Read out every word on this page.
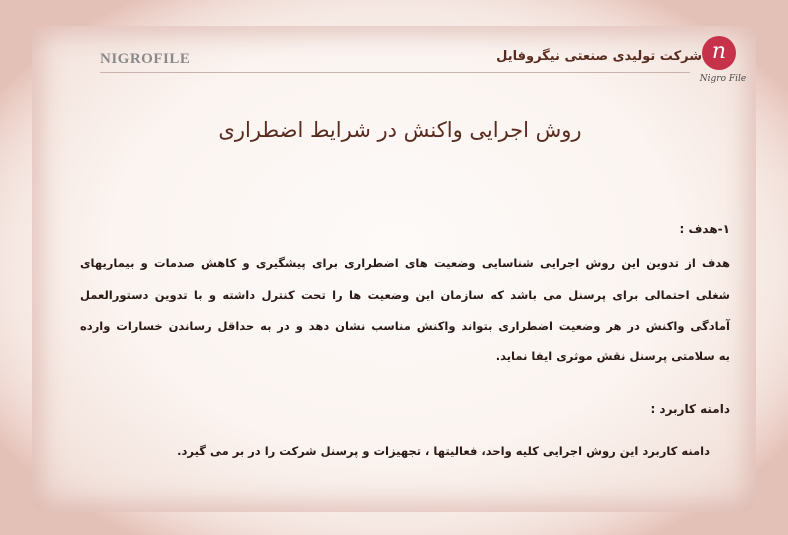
NIGROFILE	شرکت تولیدی صنعتی نیگروفایل n
Nigro File
روش اجرایی واکنش در شرایط اضطراری
۱-هدف :
هدف از تدوین این روش اجرایی شناسایی وضعیت های اضطراری برای پیشگیری و کاهش صدمات و بیماریهای
شغلی احتمالی برای پرسنل می باشد که سازمان این وضعیت ها را تحت کنترل داشته و با تدوین دستورالعمل
آمادگی واکنش در هر وضعیت اضطراری بتواند واکنش مناسب نشان دهد و در به حداقل رساندن خسارات وارده
به سلامتی پرسنل نقش موثری ایفا نماید.
دامنه کاربرد :
دامنه کاربرد این روش اجرایی کلیه واحد، فعالیتها ، تجهیزات و پرسنل شرکت را در بر می گیرد.
